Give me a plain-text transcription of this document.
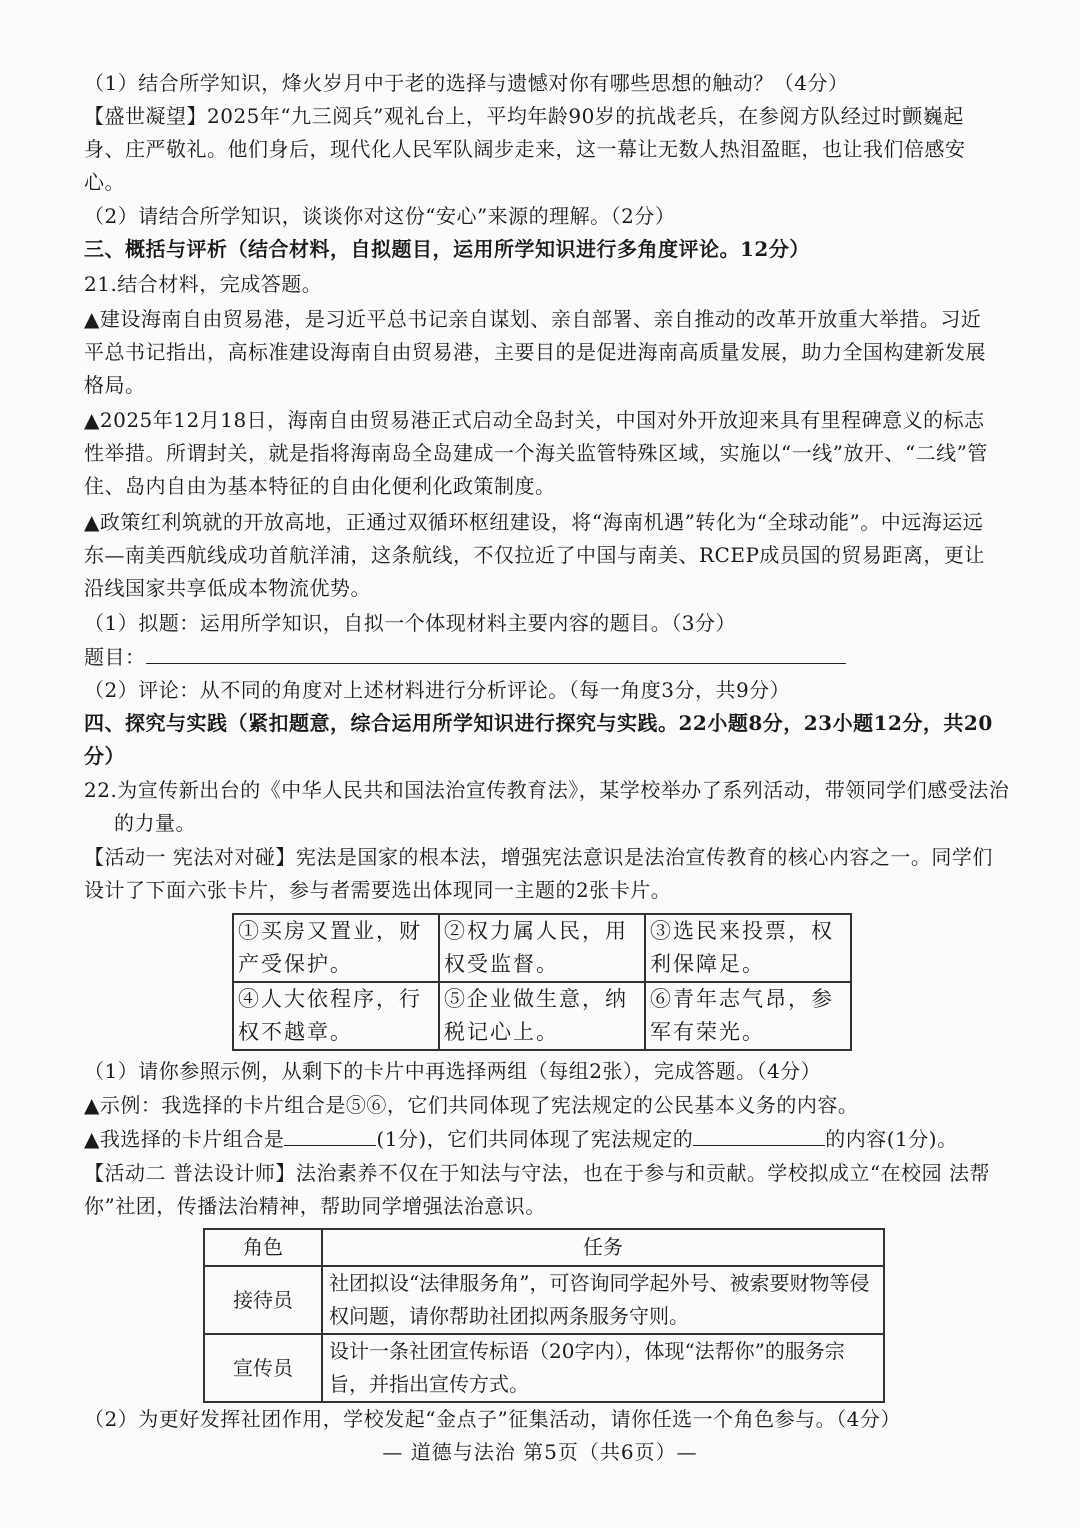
（1）结合所学知识，烽火岁月中于老的选择与遗憾对你有哪些思想的触动？（4分）

【盛世凝望】2025年“九三阅兵”观礼台上，平均年龄90岁的抗战老兵，在参阅方队经过时颤巍起身、庄严敬礼。他们身后，现代化人民军队阔步走来，这一幕让无数人热泪盈眶，也让我们倍感安心。

（2）请结合所学知识，谈谈你对这份“安心”来源的理解。（2分）

三、概括与评析（结合材料，自拟题目，运用所学知识进行多角度评论。12分）

21.结合材料，完成答题。

▲建设海南自由贸易港，是习近平总书记亲自谋划、亲自部署、亲自推动的改革开放重大举措。习近平总书记指出，高标准建设海南自由贸易港，主要目的是促进海南高质量发展，助力全国构建新发展格局。

▲2025年12月18日，海南自由贸易港正式启动全岛封关，中国对外开放迎来具有里程碑意义的标志性举措。所谓封关，就是指将海南岛全岛建成一个海关监管特殊区域，实施以“一线”放开、“二线”管住、岛内自由为基本特征的自由化便利化政策制度。

▲政策红利筑就的开放高地，正通过双循环枢纽建设，将“海南机遇”转化为“全球动能”。中远海运远东—南美西航线成功首航洋浦，这条航线，不仅拉近了中国与南美、RCEP成员国的贸易距离，更让沿线国家共享低成本物流优势。

（1）拟题：运用所学知识，自拟一个体现材料主要内容的题目。（3分）

题目：

（2）评论：从不同的角度对上述材料进行分析评论。（每一角度3分，共9分）

四、探究与实践（紧扣题意，综合运用所学知识进行探究与实践。22小题8分，23小题12分，共20分）

22.为宣传新出台的《中华人民共和国法治宣传教育法》，某学校举办了系列活动，带领同学们感受法治的力量。

【活动一 宪法对对碰】宪法是国家的根本法，增强宪法意识是法治宣传教育的核心内容之一。同学们设计了下面六张卡片，参与者需要选出体现同一主题的2张卡片。

①买房又置业，财产受保护。	②权力属人民，用权受监督。	③选民来投票，权利保障足。
④人大依程序，行权不越章。	⑤企业做生意，纳税记心上。	⑥青年志气昂，参军有荣光。

（1）请你参照示例，从剩下的卡片中再选择两组（每组2张），完成答题。（4分）

▲示例：我选择的卡片组合是⑤⑥，它们共同体现了宪法规定的公民基本义务的内容。

▲我选择的卡片组合是	(1分)，它们共同体现了宪法规定的	的内容(1分)。

【活动二 普法设计师】法治素养不仅在于知法与守法，也在于参与和贡献。学校拟成立“在校园 法帮你”社团，传播法治精神，帮助同学增强法治意识。

角色	任务
接待员	社团拟设“法律服务角”，可咨询同学起外号、被索要财物等侵权问题，请你帮助社团拟两条服务守则。
宣传员	设计一条社团宣传标语（20字内），体现“法帮你”的服务宗旨，并指出宣传方式。

（2）为更好发挥社团作用，学校发起“金点子”征集活动，请你任选一个角色参与。（4分）

— 道德与法治 第5页（共6页）—
